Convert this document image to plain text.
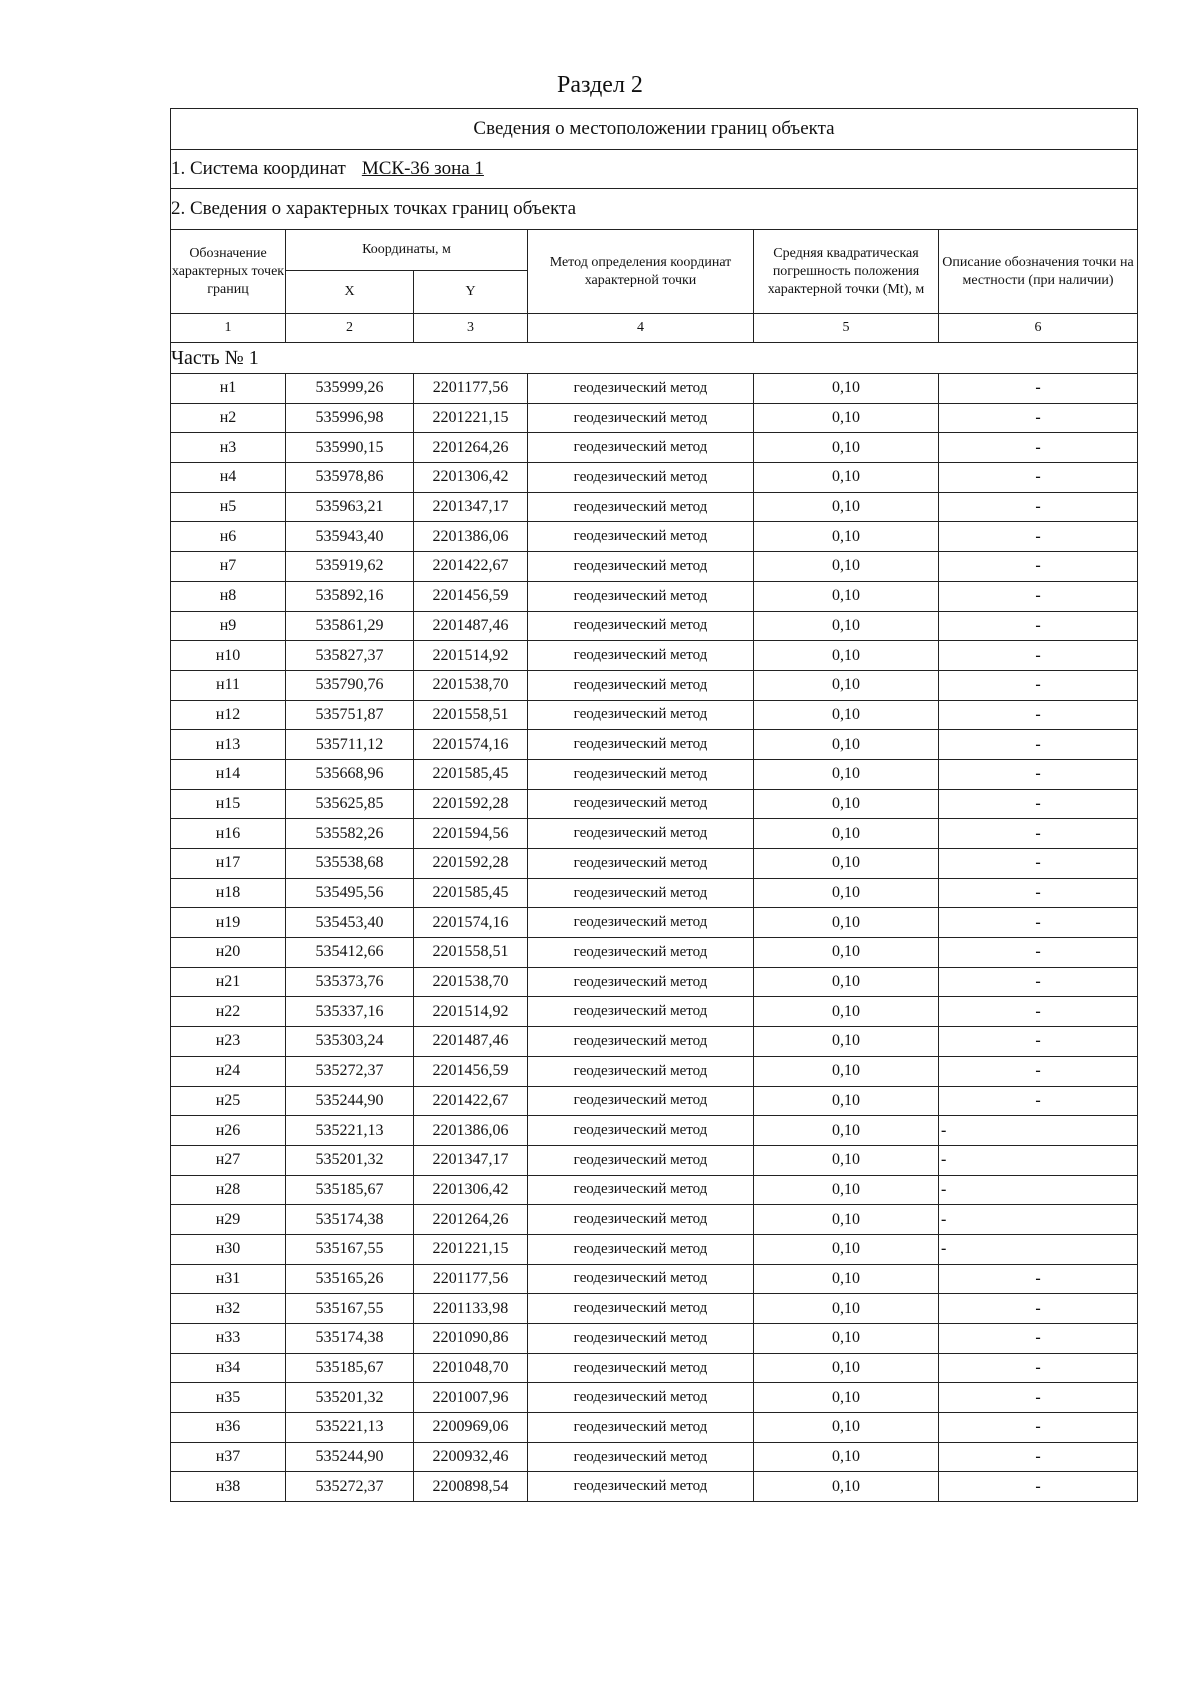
Раздел 2
Сведения о местоположении границ объекта					
1. Система координат МСК-36 зона 1					
2. Сведения о характерных точках границ объекта					
Обозначение характерных точек границ	Координаты, м		Метод определения координат характерной точки	Средняя квадратическая погрешность положения характерной точки (Mt), м	Описание обозначения точки на местности (при наличии)
	X	Y			
1	2	3	4	5	6
Часть № 1					
н1	535999,26	2201177,56	геодезический метод	0,10	-
н2	535996,98	2201221,15	геодезический метод	0,10	-
н3	535990,15	2201264,26	геодезический метод	0,10	-
н4	535978,86	2201306,42	геодезический метод	0,10	-
н5	535963,21	2201347,17	геодезический метод	0,10	-
н6	535943,40	2201386,06	геодезический метод	0,10	-
н7	535919,62	2201422,67	геодезический метод	0,10	-
н8	535892,16	2201456,59	геодезический метод	0,10	-
н9	535861,29	2201487,46	геодезический метод	0,10	-
н10	535827,37	2201514,92	геодезический метод	0,10	-
н11	535790,76	2201538,70	геодезический метод	0,10	-
н12	535751,87	2201558,51	геодезический метод	0,10	-
н13	535711,12	2201574,16	геодезический метод	0,10	-
н14	535668,96	2201585,45	геодезический метод	0,10	-
н15	535625,85	2201592,28	геодезический метод	0,10	-
н16	535582,26	2201594,56	геодезический метод	0,10	-
н17	535538,68	2201592,28	геодезический метод	0,10	-
н18	535495,56	2201585,45	геодезический метод	0,10	-
н19	535453,40	2201574,16	геодезический метод	0,10	-
н20	535412,66	2201558,51	геодезический метод	0,10	-
н21	535373,76	2201538,70	геодезический метод	0,10	-
н22	535337,16	2201514,92	геодезический метод	0,10	-
н23	535303,24	2201487,46	геодезический метод	0,10	-
н24	535272,37	2201456,59	геодезический метод	0,10	-
н25	535244,90	2201422,67	геодезический метод	0,10	-
н26	535221,13	2201386,06	геодезический метод	0,10	-
н27	535201,32	2201347,17	геодезический метод	0,10	-
н28	535185,67	2201306,42	геодезический метод	0,10	-
н29	535174,38	2201264,26	геодезический метод	0,10	-
н30	535167,55	2201221,15	геодезический метод	0,10	-
н31	535165,26	2201177,56	геодезический метод	0,10	-
н32	535167,55	2201133,98	геодезический метод	0,10	-
н33	535174,38	2201090,86	геодезический метод	0,10	-
н34	535185,67	2201048,70	геодезический метод	0,10	-
н35	535201,32	2201007,96	геодезический метод	0,10	-
н36	535221,13	2200969,06	геодезический метод	0,10	-
н37	535244,90	2200932,46	геодезический метод	0,10	-
н38	535272,37	2200898,54	геодезический метод	0,10	-
